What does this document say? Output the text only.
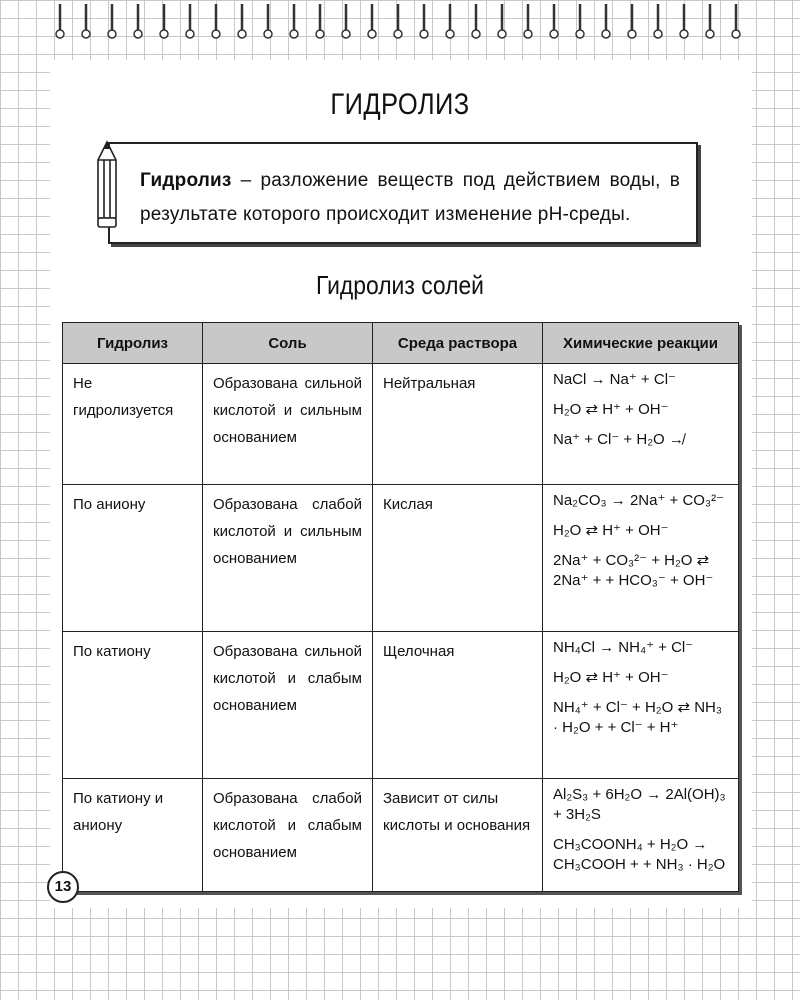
ГИДРОЛИЗ
Гидролиз – разложение веществ под действием воды, в результате которого происходит изменение pH-среды.
Гидролиз солей
Гидролиз	Соль	Среда раствора	Химические реакции
Не гидролизуется	Образована сильной кислотой и сильным основанием	Нейтральная	NaCl → Na⁺ + Cl⁻
H₂O ⇄ H⁺ + OH⁻
Na⁺ + Cl⁻ + H₂O ↛

По аниону	Образована слабой кислотой и сильным основанием	Кислая	Na₂CO₃ → 2Na⁺ + CO₃²⁻
H₂O ⇄ H⁺ + OH⁻
2Na⁺ + CO₃²⁻ + H₂O ⇄ 2Na⁺ + + HCO₃⁻ + OH⁻

По катиону	Образована сильной кислотой и слабым основанием	Щелочная	NH₄Cl → NH₄⁺ + Cl⁻
H₂O ⇄ H⁺ + OH⁻
NH₄⁺ + Cl⁻ + H₂O ⇄ NH₃ · H₂O + + Cl⁻ + H⁺

По катиону и аниону	Образована слабой кислотой и слабым основанием	Зависит от силы кислоты и основания	Al₂S₃ + 6H₂O → 2Al(OH)₃ + 3H₂S
CH₃COONH₄ + H₂O → CH₃COOH + + NH₃ · H₂O
13
